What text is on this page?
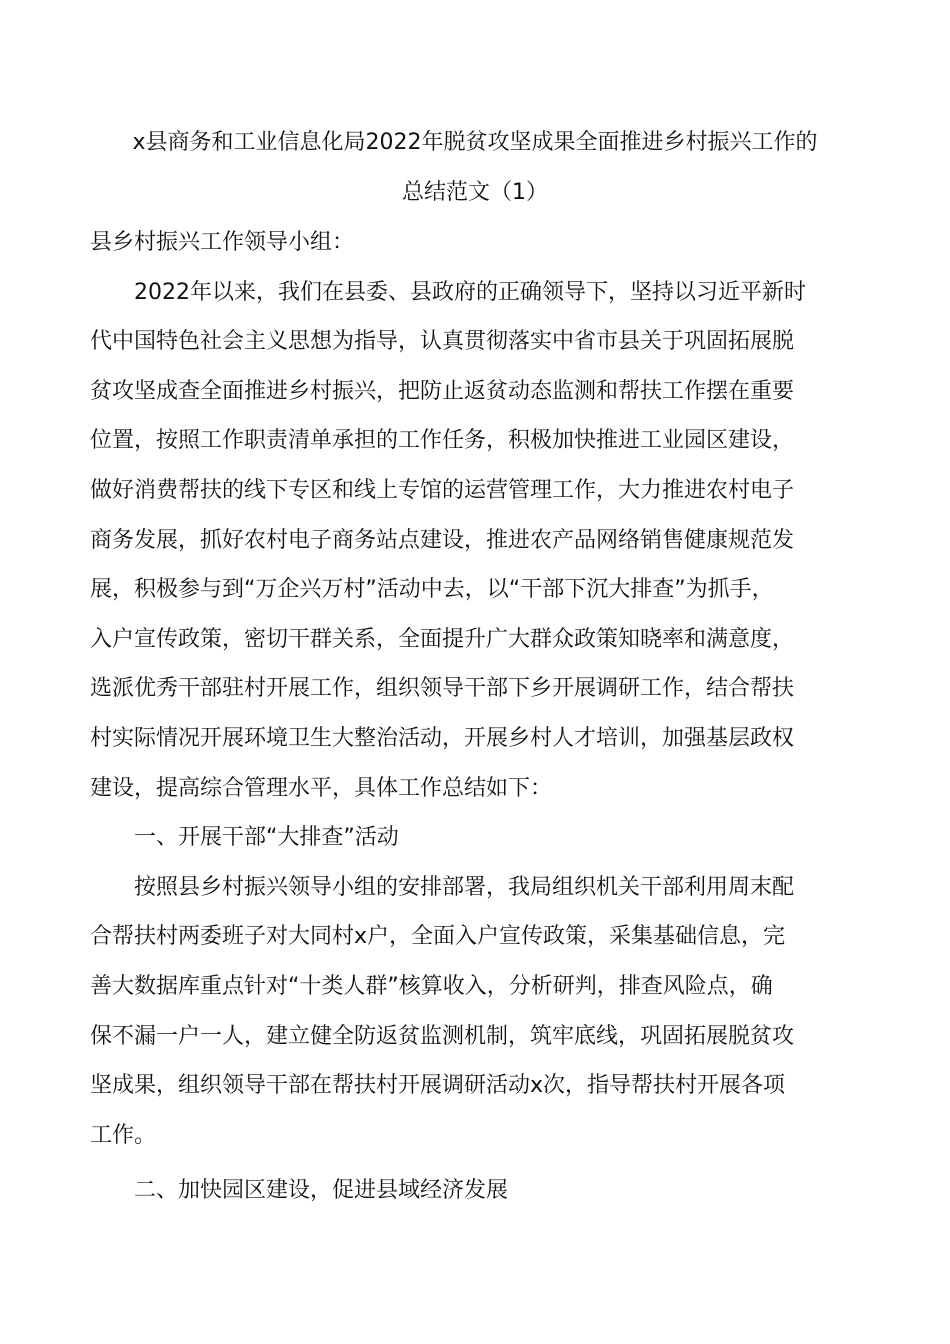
x县商务和工业信息化局2022年脱贫攻坚成果全面推进乡村振兴工作的
总结范文（1）

县乡村振兴工作领导小组：

2022年以来，我们在县委、县政府的正确领导下，坚持以习近平新时
代中国特色社会主义思想为指导，认真贯彻落实中省市县关于巩固拓展脱
贫攻坚成查全面推进乡村振兴，把防止返贫动态监测和帮扶工作摆在重要
位置，按照工作职责清单承担的工作任务，积极加快推进工业园区建设，
做好消费帮扶的线下专区和线上专馆的运营管理工作，大力推进农村电子
商务发展，抓好农村电子商务站点建设，推进农产品网络销售健康规范发
展，积极参与到“万企兴万村”活动中去，以“干部下沉大排查”为抓手，
入户宣传政策，密切干群关系，全面提升广大群众政策知晓率和满意度，
选派优秀干部驻村开展工作，组织领导干部下乡开展调研工作，结合帮扶
村实际情况开展环境卫生大整治活动，开展乡村人才培训，加强基层政权
建设，提高综合管理水平，具体工作总结如下：

一、开展干部“大排查”活动

按照县乡村振兴领导小组的安排部署，我局组织机关干部利用周末配
合帮扶村两委班子对大同村x户，全面入户宣传政策，采集基础信息，完
善大数据库重点针对“十类人群”核算收入，分析研判，排查风险点，确
保不漏一户一人，建立健全防返贫监测机制，筑牢底线，巩固拓展脱贫攻
坚成果，组织领导干部在帮扶村开展调研活动x次，指导帮扶村开展各项
工作。

二、加快园区建设，促进县域经济发展
